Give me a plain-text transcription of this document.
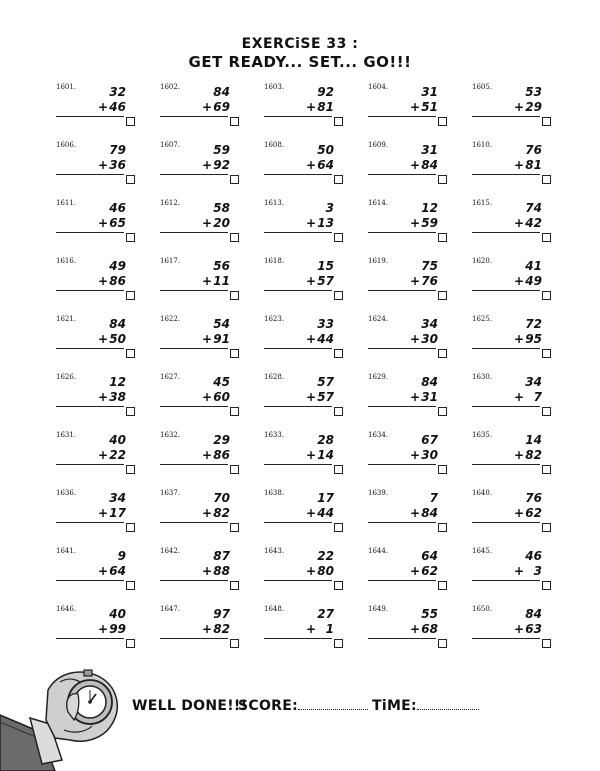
EXERCiSE 33 :
GET READY... SET... GO!!!
1601.	32
+ 46
1602.	84
+ 69
1603.	92
+ 81
1604.	31
+ 51
1605.	53
+ 29
1606.	79
+ 36
1607.	59
+ 92
1608.	50
+ 64
1609.	31
+ 84
1610.	76
+ 81
1611.	46
+ 65
1612.	58
+ 20
1613.	3
+ 13
1614.	12
+ 59
1615.	74
+ 42
1616.	49
+ 86
1617.	56
+ 11
1618.	15
+ 57
1619.	75
+ 76
1620.	41
+ 49
1621.	84
+ 50
1622.	54
+ 91
1623.	33
+ 44
1624.	34
+ 30
1625.	72
+ 95
1626.	12
+ 38
1627.	45
+ 60
1628.	57
+ 57
1629.	84
+ 31
1630.	34
+ 7
1631.	40
+ 22
1632.	29
+ 86
1633.	28
+ 14
1634.	67
+ 30
1635.	14
+ 82
1636.	34
+ 17
1637.	70
+ 82
1638.	17
+ 44
1639.	7
+ 84
1640.	76
+ 62
1641.	9
+ 64
1642.	87
+ 88
1643.	22
+ 80
1644.	64
+ 62
1645.	46
+ 3
1646.	40
+ 99
1647.	97
+ 82
1648.	27
+ 1
1649.	55
+ 68
1650.	84
+ 63
WELL DONE!!!
SCORE:	TiME:
